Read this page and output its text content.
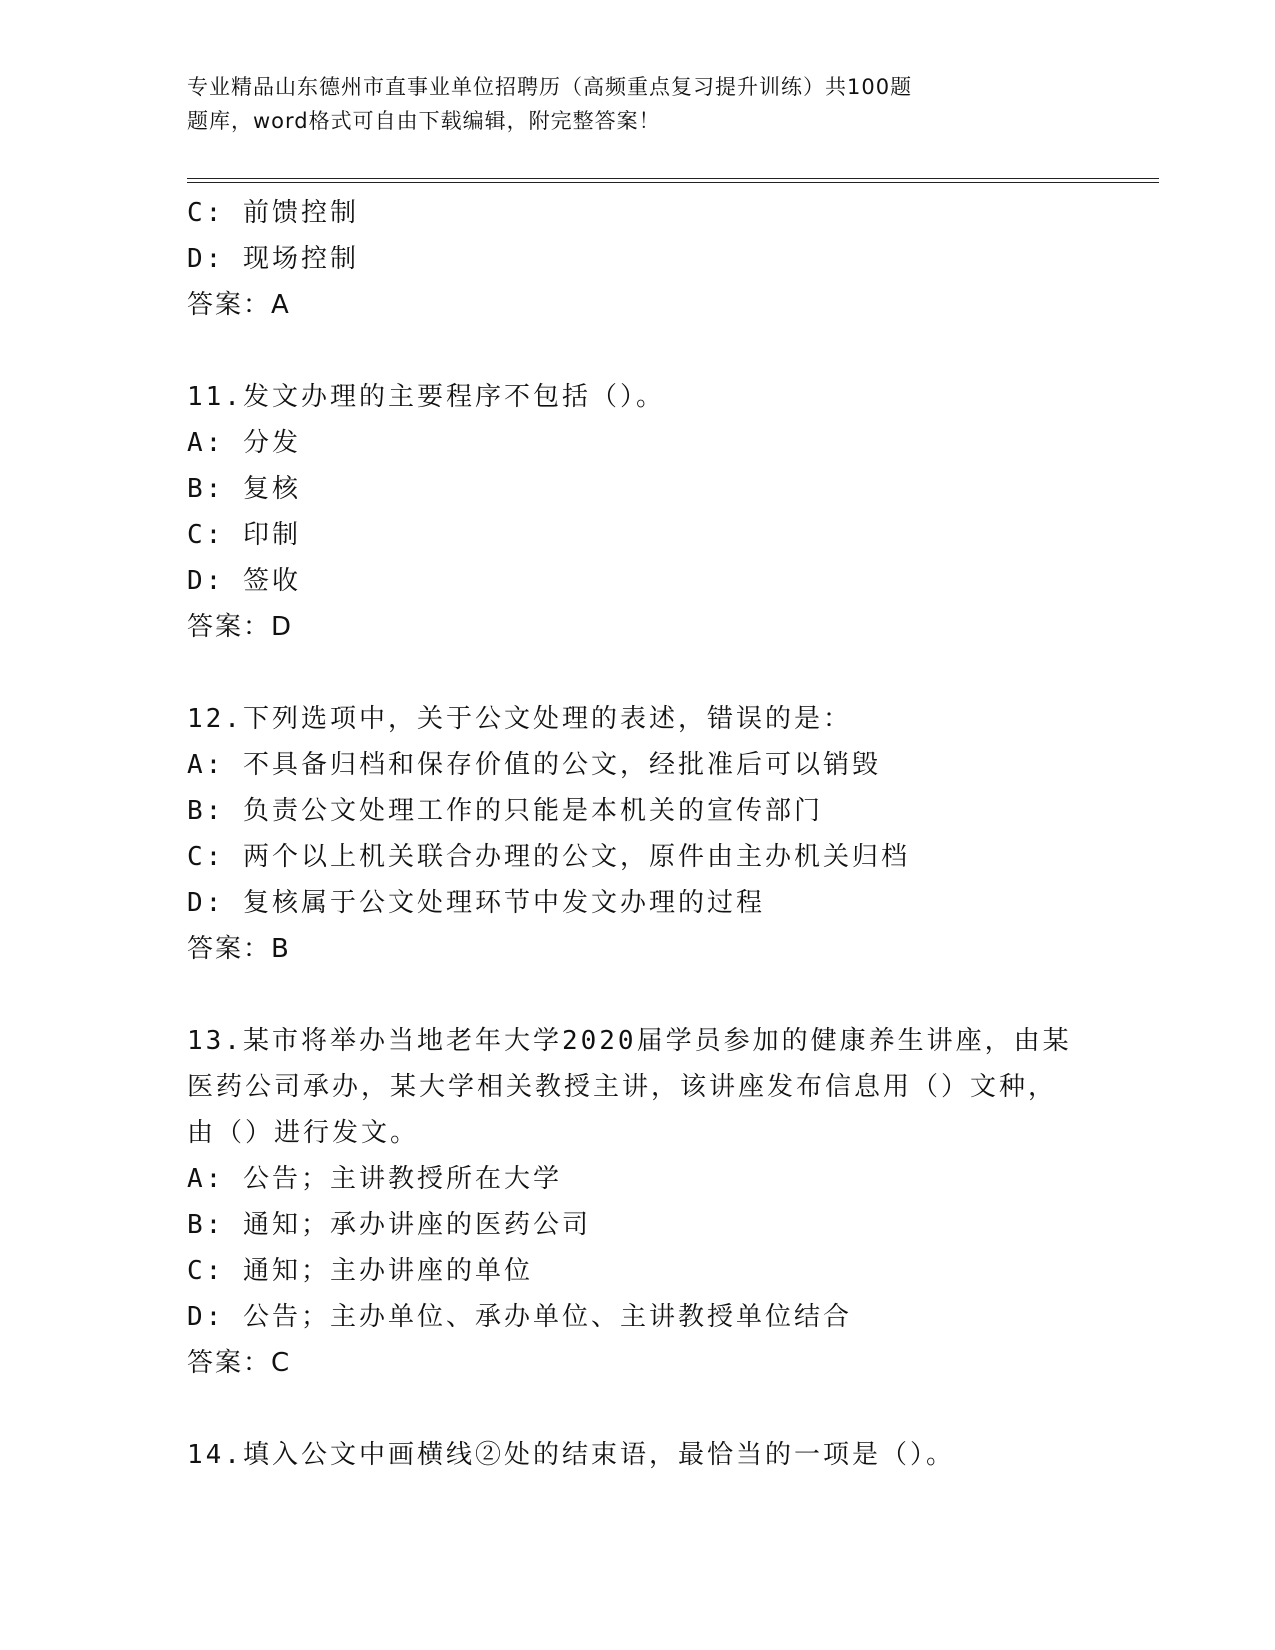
专业精品山东德州市直事业单位招聘历（高频重点复习提升训练）共100题
题库，word格式可自由下载编辑，附完整答案！
C: 前馈控制
D: 现场控制
答案：A
11.发文办理的主要程序不包括（）。
A: 分发
B: 复核
C: 印制
D: 签收
答案：D
12.下列选项中，关于公文处理的表述，错误的是：
A: 不具备归档和保存价值的公文，经批准后可以销毁
B: 负责公文处理工作的只能是本机关的宣传部门
C: 两个以上机关联合办理的公文，原件由主办机关归档
D: 复核属于公文处理环节中发文办理的过程
答案：B
13.某市将举办当地老年大学2020届学员参加的健康养生讲座，由某
医药公司承办，某大学相关教授主讲，该讲座发布信息用（）文种，
由（）进行发文。
A: 公告；主讲教授所在大学
B: 通知；承办讲座的医药公司
C: 通知；主办讲座的单位
D: 公告；主办单位、承办单位、主讲教授单位结合
答案：C
14.填入公文中画横线②处的结束语，最恰当的一项是（）。
